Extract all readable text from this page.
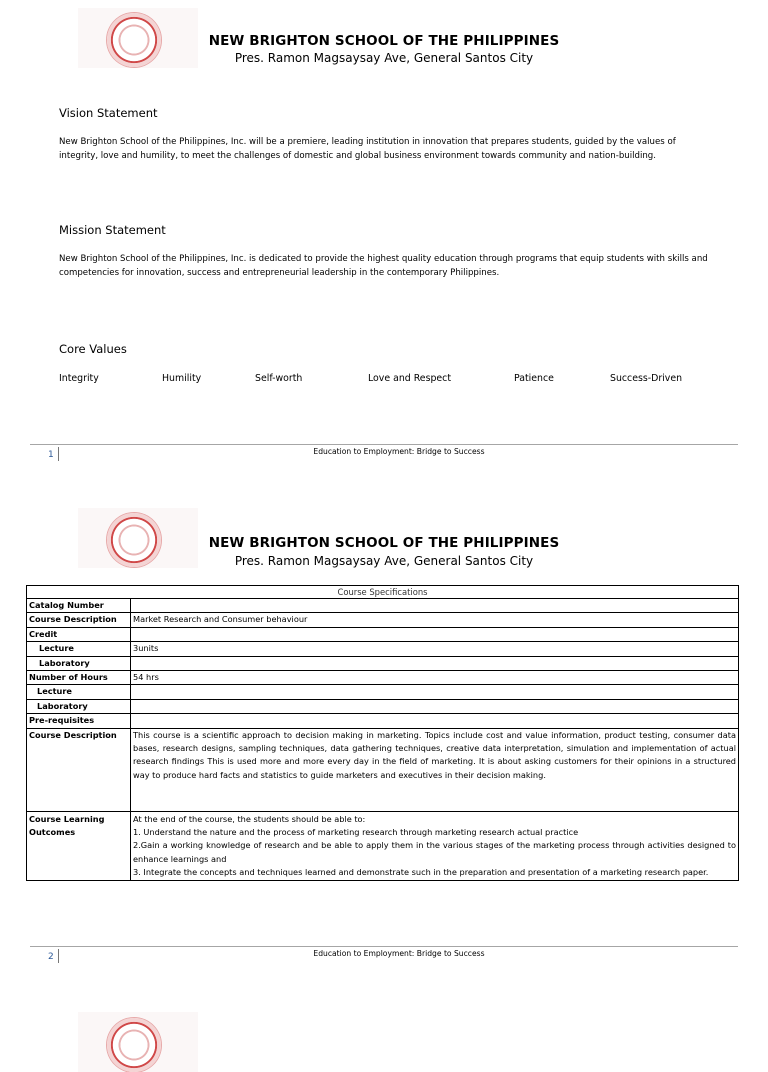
NEW BRIGHTON SCHOOL OF THE PHILIPPINES
Pres. Ramon Magsaysay Ave, General Santos City
Vision Statement
New Brighton School of the Philippines, Inc. will be a premiere, leading institution in innovation that prepares students, guided by the values of integrity, love and humility, to meet the challenges of domestic and global business environment towards community and nation-building.
Mission Statement
New Brighton School of the Philippines, Inc. is dedicated to provide the highest quality education through programs that equip students with skills and competencies for innovation, success and entrepreneurial leadership in the contemporary Philippines.
Core Values
Integrity	Humility	Self-worth	Love and Respect	Patience	Success-Driven
1	Education to Employment: Bridge to Success
NEW BRIGHTON SCHOOL OF THE PHILIPPINES
Pres. Ramon Magsaysay Ave, General Santos City
Course Specifications	
Catalog Number	
Course Description	Market Research and Consumer behaviour
Credit	
Lecture	3units
Laboratory	
Number of Hours	54 hrs
Lecture	
Laboratory	
Pre-requisites	
Course Description	This course is a scientific approach to decision making in marketing. Topics include cost and value information, product testing, consumer data bases, research designs, sampling techniques, data gathering techniques, creative data interpretation, simulation and implementation of actual research findings This is used more and more every day in the field of marketing. It is about asking customers for their opinions in a structured way to produce hard facts and statistics to guide marketers and executives in their decision making.
Course Learning Outcomes	At the end of the course, the students should be able to:
1. Understand the nature and the process of marketing research through marketing research actual practice
2.Gain a working knowledge of research and be able to apply them in the various stages of the marketing process through activities designed to enhance learnings and
3. Integrate the concepts and techniques learned and demonstrate such in the preparation and presentation of a marketing research paper.
2	Education to Employment: Bridge to Success
